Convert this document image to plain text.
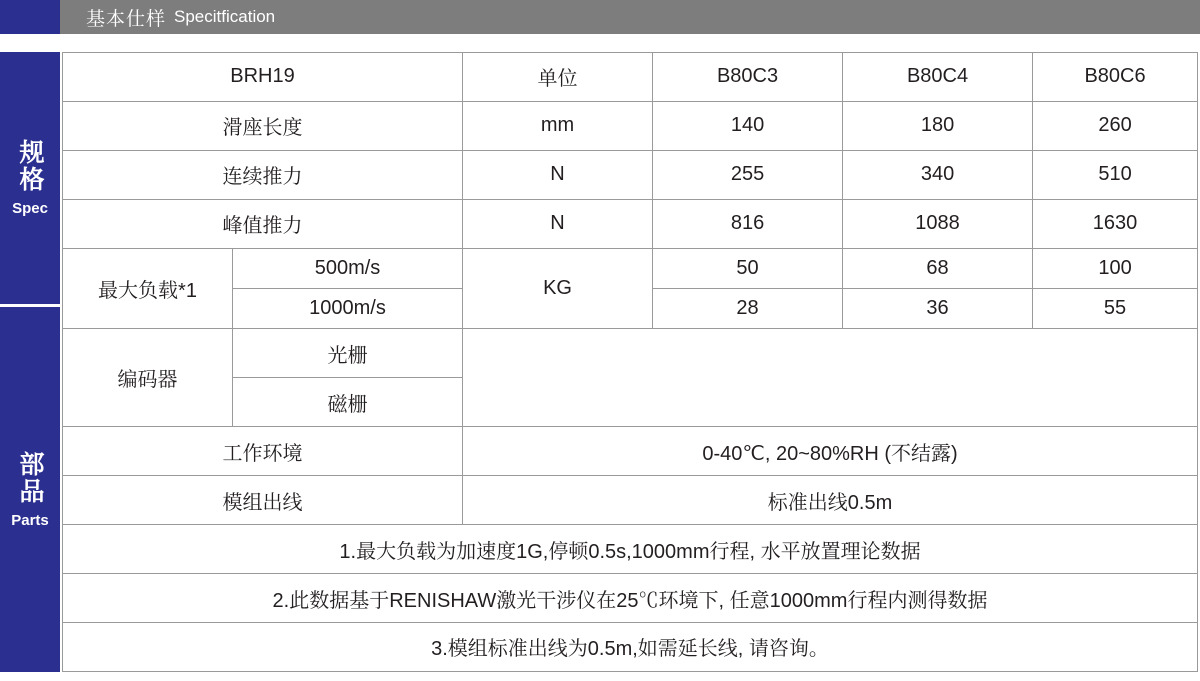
基本仕样 Specitfication
规格
Spec
部品
Parts
BRH19		单位	B80C3	B80C4	B80C6
滑座长度		mm	140	180	260
连续推力		N	255	340	510
峰值推力		N	816	1088	1630
最大负载*1	500m/s	KG	50	68	100
	1000m/s		28	36	55
编码器	光栅				
	磁栅				
工作环境		0-40℃, 20~80%RH (不结露)			
模组出线		标准出线0.5m			
1.最大负载为加速度1G,停顿0.5s,1000mm行程, 水平放置理论数据					
2.此数据基于RENISHAW激光干涉仪在25℃环境下, 任意1000mm行程内测得数据					
3.模组标准出线为0.5m,如需延长线, 请咨询。					
